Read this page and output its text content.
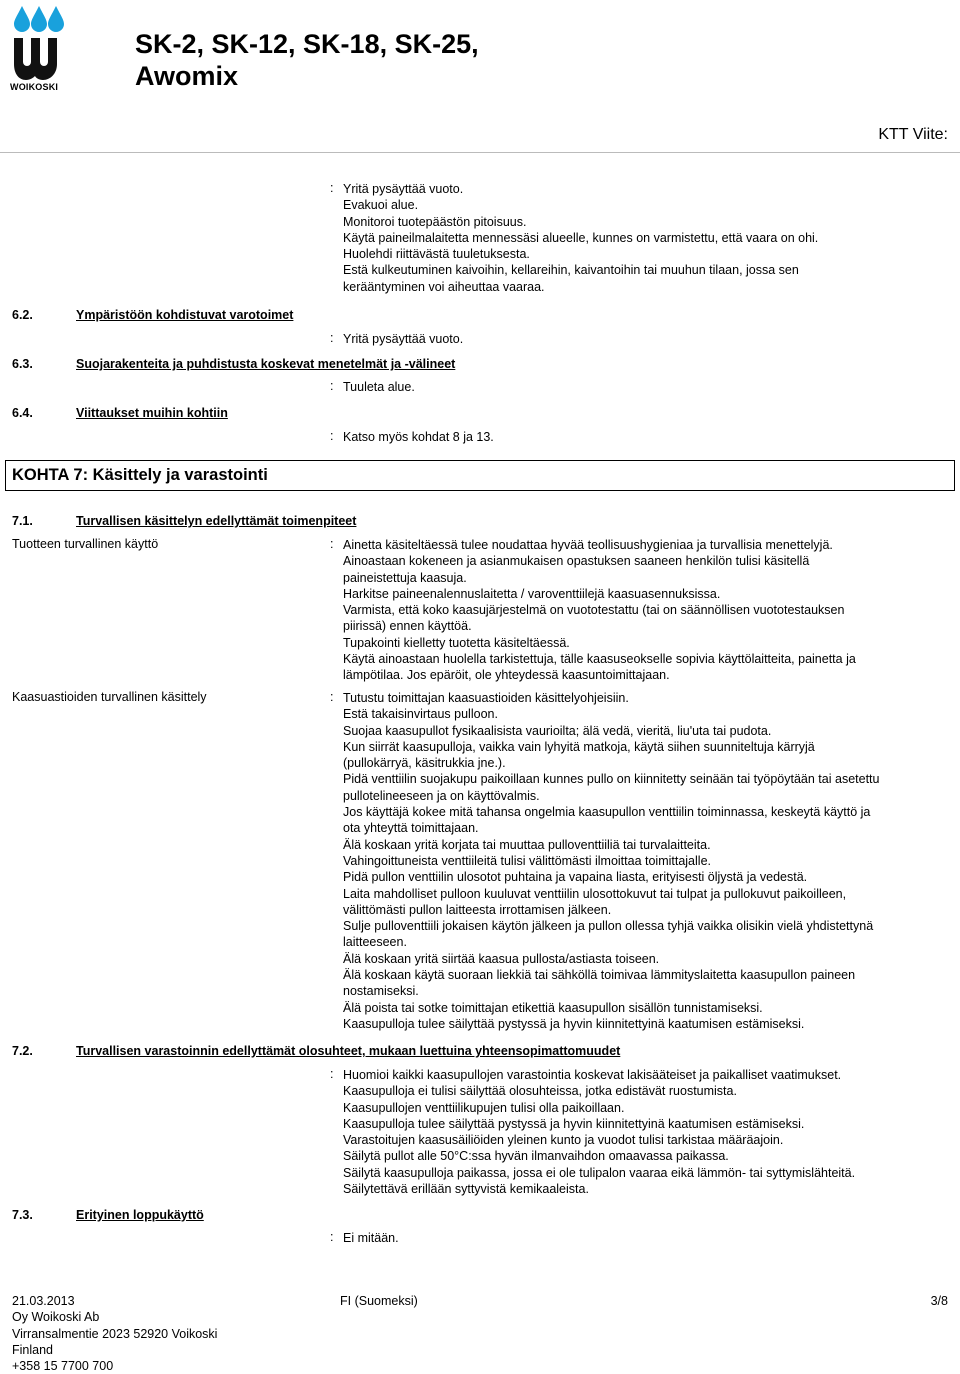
WOIKOSKI
SK-2, SK-12, SK-18, SK-25,
Awomix
KTT Viite:
: Yritä pysäyttää vuoto.
Evakuoi alue.
Monitoroi tuotepäästön pitoisuus.
Käytä paineilmalaitetta mennessäsi alueelle, kunnes on varmistettu, että vaara on ohi.
Huolehdi riittävästä tuuletuksesta.
Estä kulkeutuminen kaivoihin, kellareihin, kaivantoihin tai muuhun tilaan, jossa sen
kerääntyminen voi aiheuttaa vaaraa.
6.2.	Ympäristöön kohdistuvat varotoimet
: Yritä pysäyttää vuoto.
6.3.	Suojarakenteita ja puhdistusta koskevat menetelmät ja -välineet
: Tuuleta alue.
6.4.	Viittaukset muihin kohtiin
: Katso myös kohdat 8 ja 13.
KOHTA 7: Käsittely ja varastointi
7.1.	Turvallisen käsittelyn edellyttämät toimenpiteet
Tuotteen turvallinen käyttö	: Ainetta käsiteltäessä tulee noudattaa hyvää teollisuushygieniaa ja turvallisia menettelyjä.
Ainoastaan kokeneen ja asianmukaisen opastuksen saaneen henkilön tulisi käsitellä
paineistettuja kaasuja.
Harkitse paineenalennuslaitetta / varoventtiilejä kaasuasennuksissa.
Varmista, että koko kaasujärjestelmä on vuototestattu (tai on säännöllisen vuototestauksen
piirissä) ennen käyttöä.
Tupakointi kielletty tuotetta käsiteltäessä.
Käytä ainoastaan huolella tarkistettuja, tälle kaasuseokselle sopivia käyttölaitteita, painetta ja
lämpötilaa. Jos epäröit, ole yhteydessä kaasuntoimittajaan.
Kaasuastioiden turvallinen käsittely	: Tutustu toimittajan kaasuastioiden käsittelyohjeisiin.
Estä takaisinvirtaus pulloon.
Suojaa kaasupullot fysikaalisista vaurioilta; älä vedä, vieritä, liu'uta tai pudota.
Kun siirrät kaasupulloja, vaikka vain lyhyitä matkoja, käytä siihen suunniteltuja kärryjä
(pullokärryä, käsitrukkia jne.).
Pidä venttiilin suojakupu paikoillaan kunnes pullo on kiinnitetty seinään tai työpöytään tai asetettu
pullotelineeseen ja on käyttövalmis.
Jos käyttäjä kokee mitä tahansa ongelmia kaasupullon venttiilin toiminnassa, keskeytä käyttö ja
ota yhteyttä toimittajaan.
Älä koskaan yritä korjata tai muuttaa pulloventtiiliä tai turvalaitteita.
Vahingoittuneista venttiileitä tulisi välittömästi ilmoittaa toimittajalle.
Pidä pullon venttiilin ulosotot puhtaina ja vapaina liasta, erityisesti öljystä ja vedestä.
Laita mahdolliset pulloon kuuluvat venttiilin ulosottokuvut tai tulpat ja pullokuvut paikoilleen,
välittömästi pullon laitteesta irrottamisen jälkeen.
Sulje pulloventtiili jokaisen käytön jälkeen ja pullon ollessa tyhjä vaikka olisikin vielä yhdistettynä
laitteeseen.
Älä koskaan yritä siirtää kaasua pullosta/astiasta toiseen.
Älä koskaan käytä suoraan liekkiä tai sähköllä toimivaa lämmityslaitetta kaasupullon paineen
nostamiseksi.
Älä poista tai sotke toimittajan etikettiä kaasupullon sisällön tunnistamiseksi.
Kaasupulloja tulee säilyttää pystyssä ja hyvin kiinnitettyinä kaatumisen estämiseksi.
7.2.	Turvallisen varastoinnin edellyttämät olosuhteet, mukaan luettuina yhteensopimattomuudet
: Huomioi kaikki kaasupullojen varastointia koskevat lakisääteiset ja paikalliset vaatimukset.
Kaasupulloja ei tulisi säilyttää olosuhteissa, jotka edistävät ruostumista.
Kaasupullojen venttiilikupujen tulisi olla paikoillaan.
Kaasupulloja tulee säilyttää pystyssä ja hyvin kiinnitettyinä kaatumisen estämiseksi.
Varastoitujen kaasusäiliöiden yleinen kunto ja vuodot tulisi tarkistaa määräajoin.
Säilytä pullot alle 50°C:ssa hyvän ilmanvaihdon omaavassa paikassa.
Säilytä kaasupulloja paikassa, jossa ei ole tulipalon vaaraa eikä lämmön- tai syttymislähteitä.
Säilytettävä erillään syttyvistä kemikaaleista.
7.3.	Erityinen loppukäyttö
: Ei mitään.
21.03.2013
Oy Woikoski Ab
Virransalmentie 2023 52920 Voikoski
Finland
+358 15 7700 700
FI (Suomeksi)	3/8
